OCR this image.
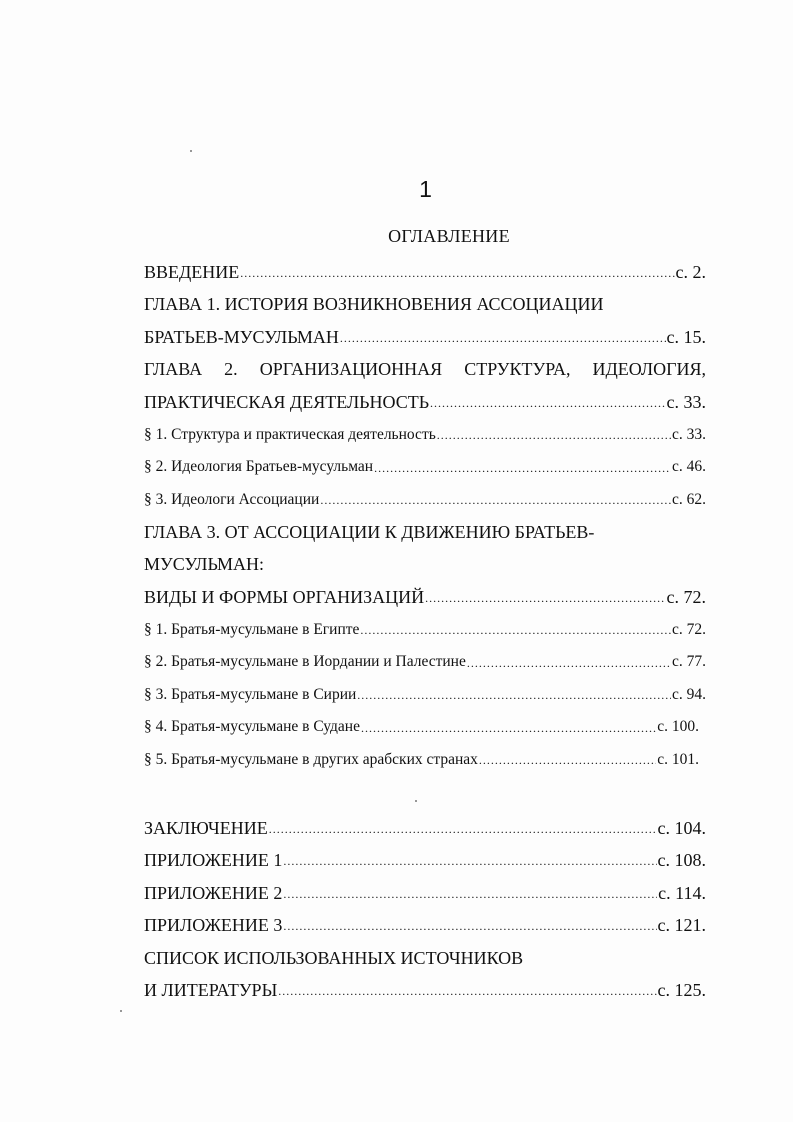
1
ОГЛАВЛЕНИЕ
ВВЕДЕНИЕ .....	с. 2.
ГЛАВА 1. ИСТОРИЯ ВОЗНИКНОВЕНИЯ АССОЦИАЦИИ
БРАТЬЕВ-МУСУЛЬМАН .....	с. 15.
ГЛАВА 2. ОРГАНИЗАЦИОННАЯ СТРУКТУРА, ИДЕОЛОГИЯ,
ПРАКТИЧЕСКАЯ ДЕЯТЕЛЬНОСТЬ .....	с. 33.
§ 1. Структура и практическая деятельность .....	с. 33.
§ 2. Идеология Братьев-мусульман .....	с. 46.
§ 3. Идеологи Ассоциации .....	с. 62.
ГЛАВА 3. ОТ АССОЦИАЦИИ К ДВИЖЕНИЮ БРАТЬЕВ-
МУСУЛЬМАН:
ВИДЫ И ФОРМЫ ОРГАНИЗАЦИЙ .....	с. 72.
§ 1. Братья-мусульмане в Египте .....	с. 72.
§ 2. Братья-мусульмане в Иордании и Палестине .....	с. 77.
§ 3. Братья-мусульмане в Сирии .....	с. 94.
§ 4. Братья-мусульмане в Судане .....	с. 100.
§ 5. Братья-мусульмане в других арабских странах .....	с. 101.
ЗАКЛЮЧЕНИЕ .....	с. 104.
ПРИЛОЖЕНИЕ 1 .....	с. 108.
ПРИЛОЖЕНИЕ 2 .....	с. 114.
ПРИЛОЖЕНИЕ 3 .....	с. 121.
СПИСОК ИСПОЛЬЗОВАННЫХ ИСТОЧНИКОВ
И ЛИТЕРАТУРЫ .....	с. 125.
